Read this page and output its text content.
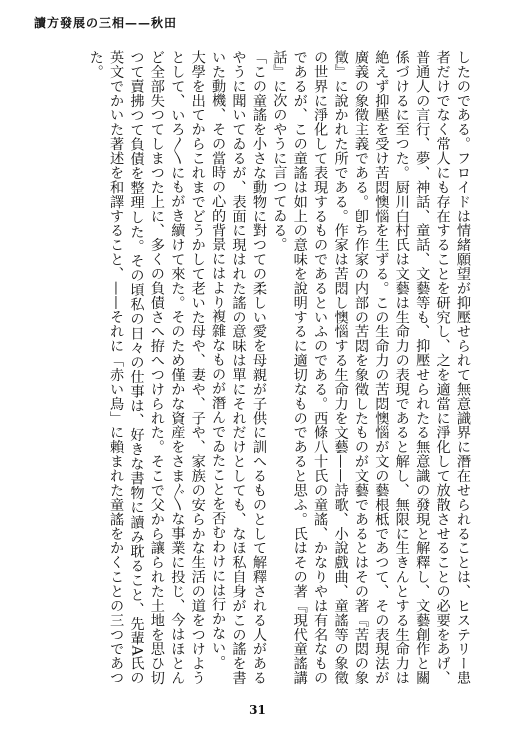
讀方發展の三相——秋田

したのである。フロイドは情緒願望が抑壓せられて無意識界に潛在せられることは、ヒステリー患者だけでなく常人にも存在することを研究し、之を適當に淨化して放散させることの必要をあげ、普通人の言行、夢、神話、童話、文藝等も、抑壓せられたる無意識の發現と解釋し、文藝創作と關係づけるに至つた。厨川白村氏は文藝は生命力の表現であると解し、無限に生きんとする生命力は絶えず抑壓を受け苦悶懊惱を生ずる。この生命力の苦悶懊惱が文の藝根柢であつて、その表現法が廣義の象徵主義である。卽ち作家の内部の苦悶を象徵したものが文藝であるとはその著『苦悶の象徵』に說かれた所である。作家は苦悶し懊惱する生命力を文藝——詩歌、小說戲曲、童謠等の象徵の世界に淨化して表現するものであるといふのである。西條八十氏の童謠、かなりやは有名なものであるが、この童謠は如上の意味を說明するに適切なものであると思ふ。氏はその著『現代童謠講話』に次のやうに言つてゐる。

「この童謠を小さな動物に對つての柔しい愛を母親が子供に訓へるものとして解釋される人があるやうに聞いてゐるが、表面に現はれた謠の意味は單にそれだけとしても、なほ私自身がこの謠を書いた動機、その當時の心的背景にはより複雜なものが潛んでゐたことを否むわけには行かない。

大學を出てからこれまでどうかして老いた母や、妻や、子や、家族の安らかな生活の道をつけようとして、いろ〳〵にもがき續けて來た。そのため僅かな資産をさま〴〵な事業に投じ、今はほとんど全部失つてしまつた上に、多くの負債さへ拵へつけられた。そこで父から讓られた土地を思ひ切つて賣拂つて負債を整理した。その頃私の日々の仕事は、好きな書物に讀み耽ること、先輩A氏の英文でかいた著述を和譯すること、——それに「赤い鳥」に賴まれた童謠をかくことの三つであつた。

31
